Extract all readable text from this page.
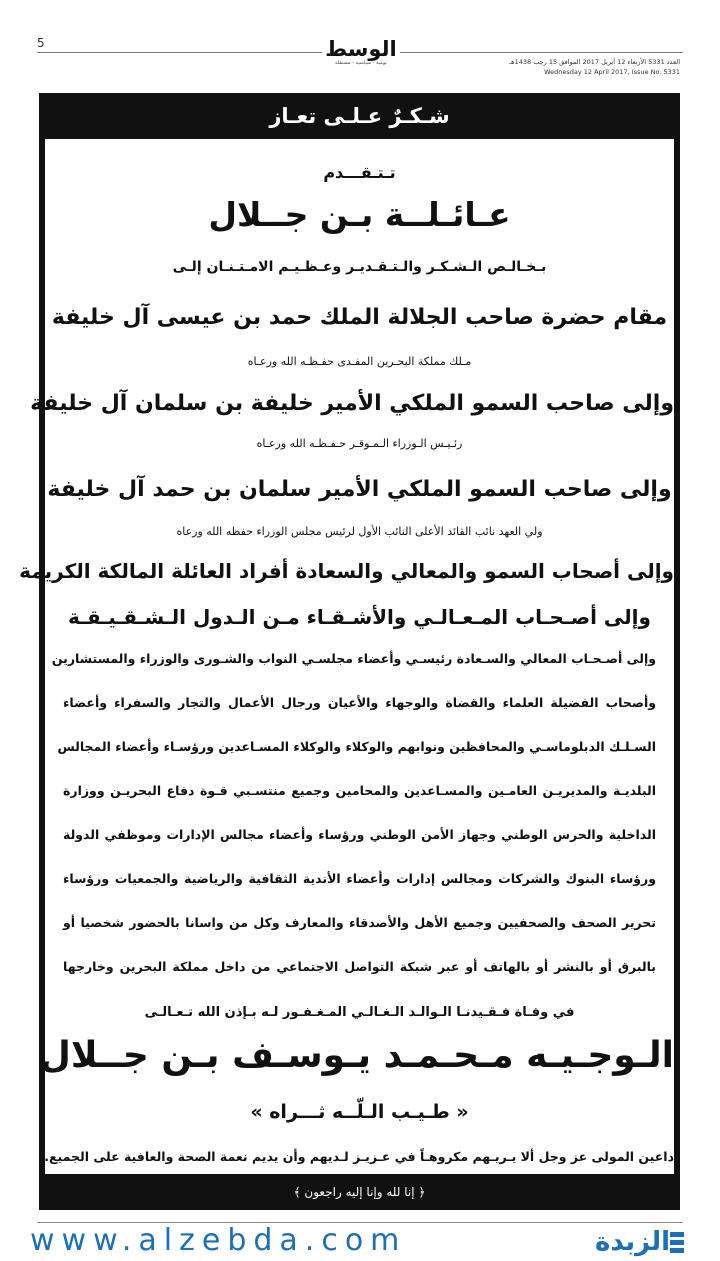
5	الوسط
يومية - سياسية - مستقلة	العدد 5331 الأربعاء 12 أبريل 2017 الموافق 15 رجب 1438هـ
Wednesday 12 April 2017, Issue No. 5331
شـكـرٌ عـلـى تعـاز
تـتـقـــدم
عـائـلــة بـن جــلال
بـخـالـص الـشـكـر والـتـقـديـر وعـظـيـم الامـتـنـان إلـى
مقام حضرة صاحب الجلالة الملك حمد بن عيسى آل خليفة
مـلك مملكة البحـرين المفـدى حفـظـه الله ورعـاه
وإلى صاحب السمو الملكي الأمير خليفة بن سلمان آل خليفة
رئـيـس الـوزراء الـمـوقـر حـفـظـه الله ورعـاه
وإلى صاحب السمو الملكي الأمير سلمان بن حمد آل خليفة
ولي العهد نائب القائد الأعلى النائب الأول لرئيس مجلس الوزراء حفظه الله ورعاه
وإلى أصحاب السمو والمعالي والسعادة أفراد العائلة المالكة الكريمة
وإلى أصـحـاب المـعـالـي والأشـقـاء مـن الـدول الـشـقـيـقـة
وإلى أصـحـاب المعالي والسـعادة رئيسـي وأعضاء مجلسـي النواب والشـورى والوزراء والمستشارين
وأصحاب الفضيلة العلماء والقضاة والوجهاء والأعيان ورجال الأعمال والتجار والسفراء وأعضاء
السـلـك الدبلوماسـي والمحافظين ونوابهم والوكلاء والوكلاء المسـاعدين ورؤسـاء وأعضاء المجالس
البلديـة والمديريـن العامـين والمسـاعدين والمحامين وجميع منتسـبي قـوة دفاع البحريـن ووزارة
الداخلية والحرس الوطني وجهاز الأمن الوطني ورؤساء وأعضاء مجالس الإدارات وموظفي الدولة
ورؤساء البنوك والشركات ومجالس إدارات وأعضاء الأندية الثقافية والرياضية والجمعيات ورؤساء
تحرير الصحف والصحفيين وجميع الأهل والأصدقاء والمعارف وكل من واسانا بالحضور شخصيا أو
بالبرق أو بالنشر أو بالهاتف أو عبر شبكة التواصل الاجتماعي من داخل مملكة البحرين وخارجها
في وفـاة فـقـيدنـا الـوالـد الـغـالـي المـغـفـور لـه بـإذن الله تـعـالـى
الـوجـيـه مـحـمـد يـوسـف بـن جــلال
« طـيـب الـلّــه ثـــراه »
داعين المولى عز وجل ألا يـريـهم مكروهـاً في عـزيـز لـديهم وأن يديم نعمة الصحة والعافية على الجميع.
﴿ إنا لله وإنا إليه راجعون ﴾
www.alzebda.com	الزبدة
